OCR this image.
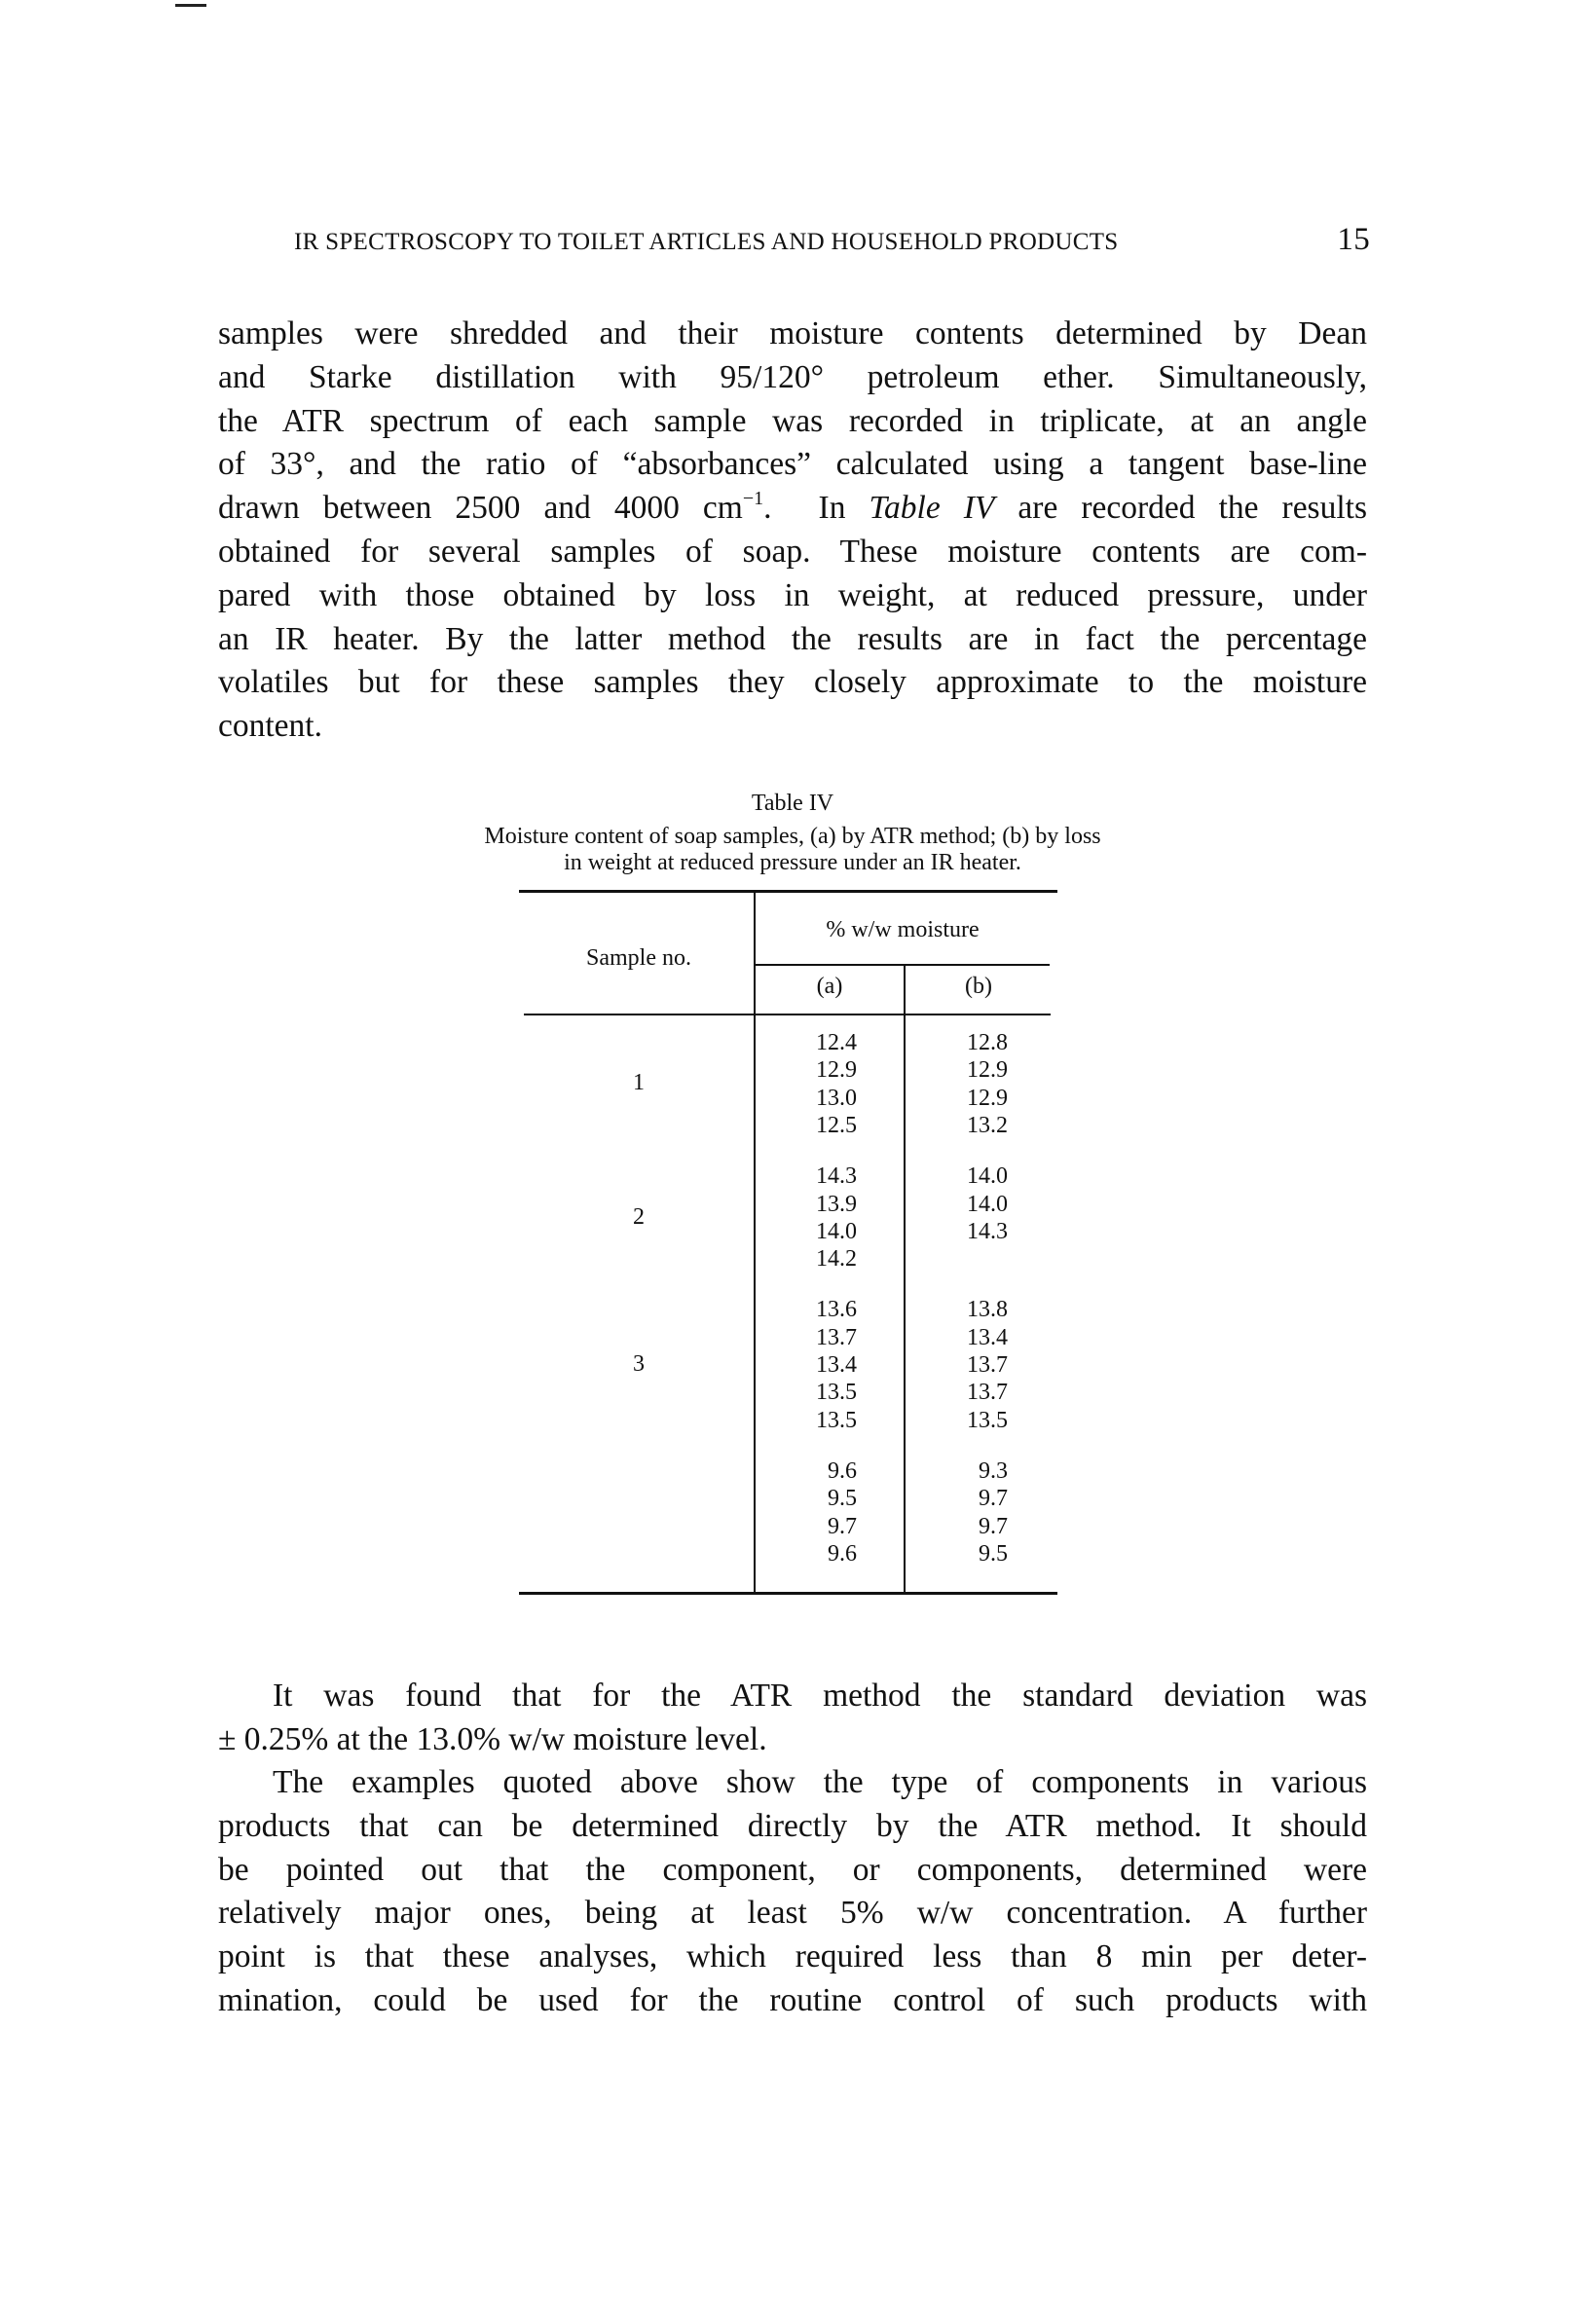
IR SPECTROSCOPY TO TOILET ARTICLES AND HOUSEHOLD PRODUCTS	15
samples were shredded and their moisture contents determined by Dean
and Starke distillation with 95/120° petroleum ether. Simultaneously,
the ATR spectrum of each sample was recorded in triplicate, at an angle
of 33°, and the ratio of “absorbances” calculated using a tangent base-line
drawn between 2500 and 4000 $cm^{-1}$.  In Table IV are recorded the results
obtained for several samples of soap. These moisture contents are com-
pared with those obtained by loss in weight, at reduced pressure, under
an IR heater. By the latter method the results are in fact the percentage
volatiles but for these samples they closely approximate to the moisture
content.
Table IV
Moisture content of soap samples, (a) by ATR method; (b) by loss
in weight at reduced pressure under an IR heater.
Sample no.
% w/w moisture
(a)	(b)
1
12.4
12.9
13.0
12.5
12.8
12.9
12.9
13.2
2
14.3
13.9
14.0
14.2
14.0
14.0
14.3
3
13.6
13.7
13.4
13.5
13.5
13.8
13.4
13.7
13.7
13.5
9.6
9.5
9.7
9.6
9.3
9.7
9.7
9.5
It was found that for the ATR method the standard deviation was
± 0.25% at the 13.0% w/w moisture level.
The examples quoted above show the type of components in various
products that can be determined directly by the ATR method. It should
be pointed out that the component, or components, determined were
relatively major ones, being at least 5% w/w concentration. A further
point is that these analyses, which required less than 8 min per deter-
mination, could be used for the routine control of such products with
